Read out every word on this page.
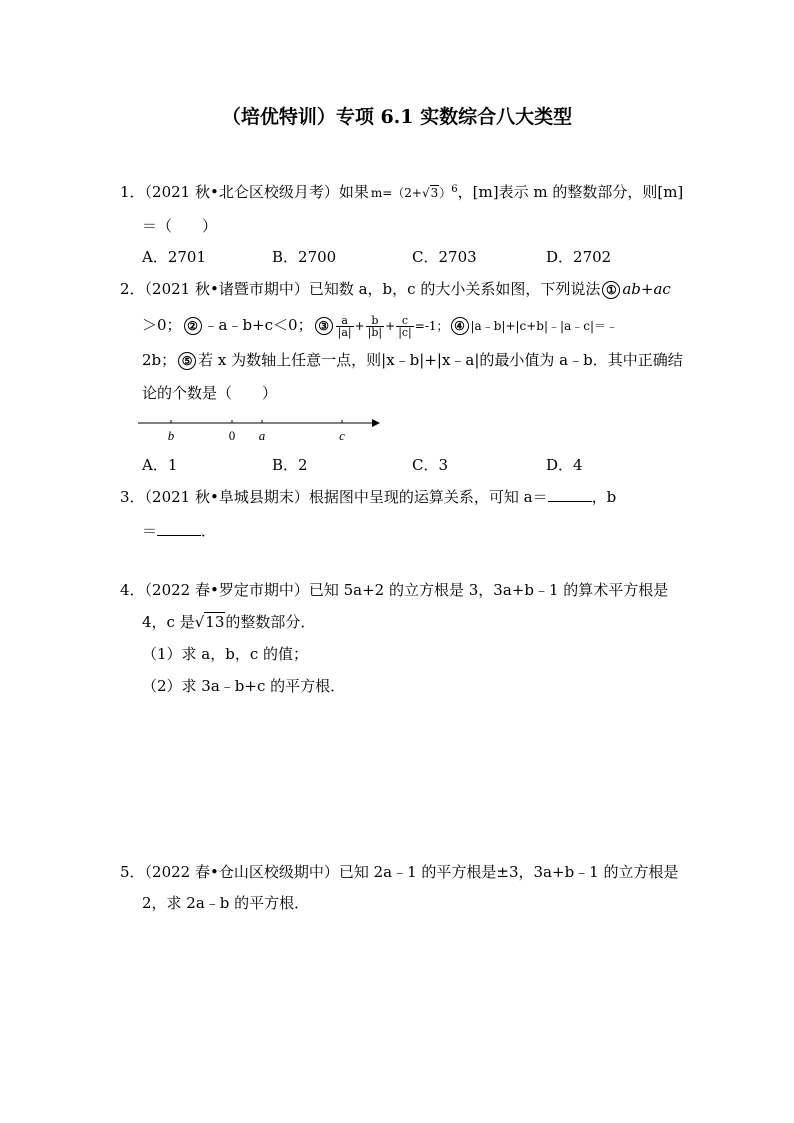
（培优特训）专项 6.1 实数综合八大类型
1．（2021 秋•北仑区校级月考）如果 $m=(2+√3)^6$，[m]表示 m 的整数部分，则[m]
＝（　　）
A．2701	B．2700	C．2703	D．2702
2．（2021 秋•诸暨市期中）已知数 a，b，c 的大小关系如图，下列说法 ① ab+ac
＞0； ② ﹣a﹣b+c＜0； ③ $\frac{a}{|a|} + \frac{b}{|b|} + \frac{c}{|c|} =-1$； ④ |a﹣b|+|c+b|﹣|a﹣c|＝﹣
2b； ⑤ 若 x 为数轴上任意一点，则|x﹣b|+|x﹣a|的最小值为 a﹣b．其中正确结
论的个数是（　　）
b	0 a	c
A．1	B．2	C．3	D．4
3．（2021 秋•阜城县期末）根据图中呈现的运算关系，可知 a＝	，b
＝	．
4．（2022 春•罗定市期中）已知 5a+2 的立方根是 3，3a+b﹣1 的算术平方根是
4，c 是√13的整数部分．
（1）求 a，b，c 的值；
（2）求 3a﹣b+c 的平方根．
5．（2022 春•仓山区校级期中）已知 2a﹣1 的平方根是±3，3a+b﹣1 的立方根是
2，求 2a﹣b 的平方根．
